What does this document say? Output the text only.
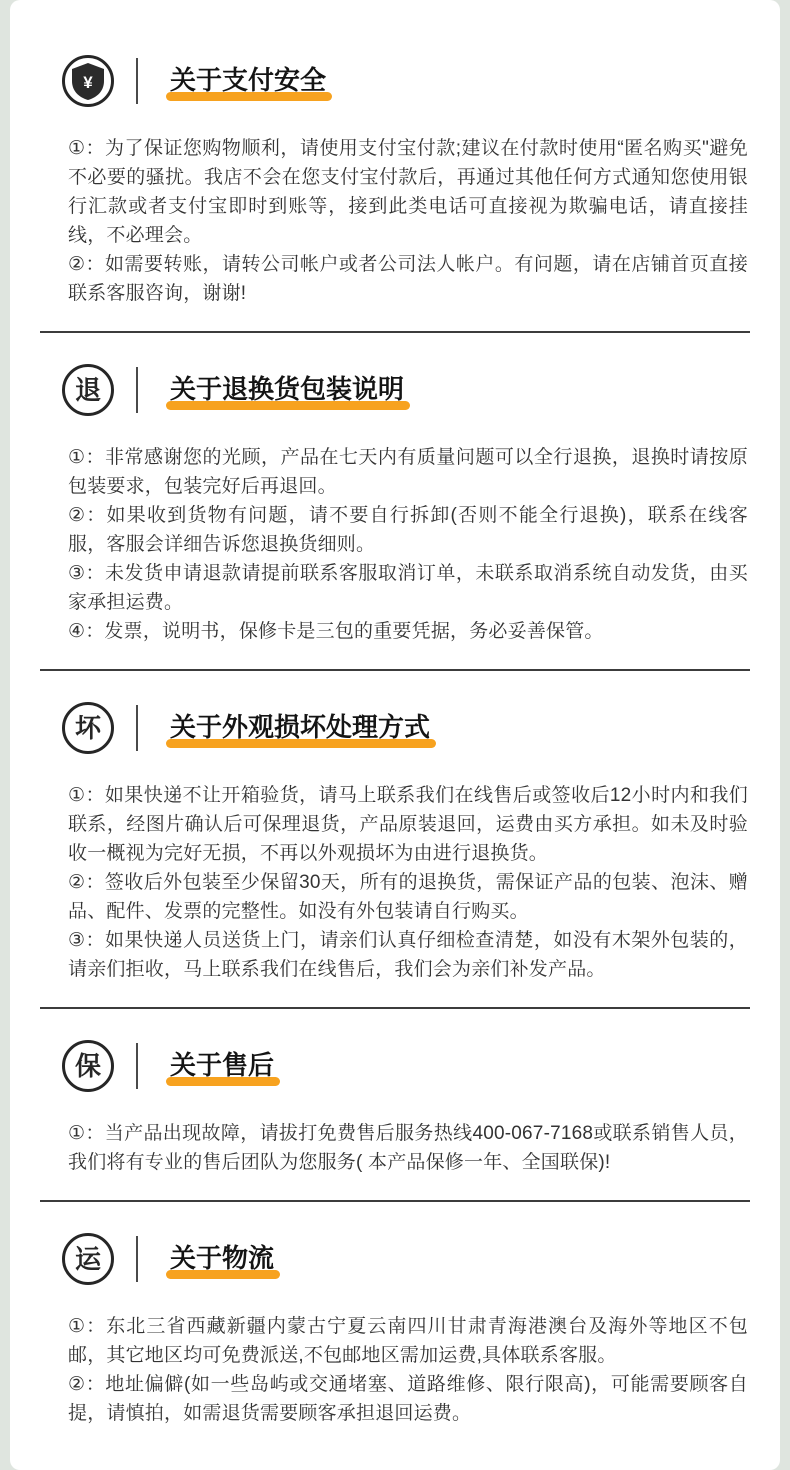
¥	关于支付安全

①：为了保证您购物顺利，请使用支付宝付款;建议在付款时使用“匿名购买"避免不必要的骚扰。我店不会在您支付宝付款后，再通过其他任何方式通知您使用银行汇款或者支付宝即时到账等，接到此类电话可直接视为欺骗电话，请直接挂线，不必理会。

②：如需要转账，请转公司帐户或者公司法人帐户。有问题，请在店铺首页直接联系客服咨询，谢谢!

退	关于退换货包装说明

①：非常感谢您的光顾，产品在七天内有质量问题可以全行退换，退换时请按原包装要求，包装完好后再退回。

②：如果收到货物有问题，请不要自行拆卸(否则不能全行退换)，联系在线客服，客服会详细告诉您退换货细则。

③：未发货申请退款请提前联系客服取消订单，未联系取消系统自动发货，由买家承担运费。

④：发票，说明书，保修卡是三包的重要凭据，务必妥善保管。

坏	关于外观损坏处理方式

①：如果快递不让开箱验货，请马上联系我们在线售后或签收后12小时内和我们联系，经图片确认后可保理退货，产品原装退回，运费由买方承担。如未及时验收一概视为完好无损，不再以外观损坏为由进行退换货。

②：签收后外包装至少保留30天，所有的退换货，需保证产品的包装、泡沫、赠品、配件、发票的完整性。如没有外包装请自行购买。

③：如果快递人员送货上门，请亲们认真仔细检查清楚，如没有木架外包装的，请亲们拒收，马上联系我们在线售后，我们会为亲们补发产品。

保	关于售后

①：当产品出现故障，请拔打免费售后服务热线400-067-7168或联系销售人员，我们将有专业的售后团队为您服务( 本产品保修一年、全国联保)!

运	关于物流

①：东北三省西藏新疆内蒙古宁夏云南四川甘肃青海港澳台及海外等地区不包邮，其它地区均可免费派送,不包邮地区需加运费,具体联系客服。

②：地址偏僻(如一些岛屿或交通堵塞、道路维修、限行限高)，可能需要顾客自提，请慎拍，如需退货需要顾客承担退回运费。
